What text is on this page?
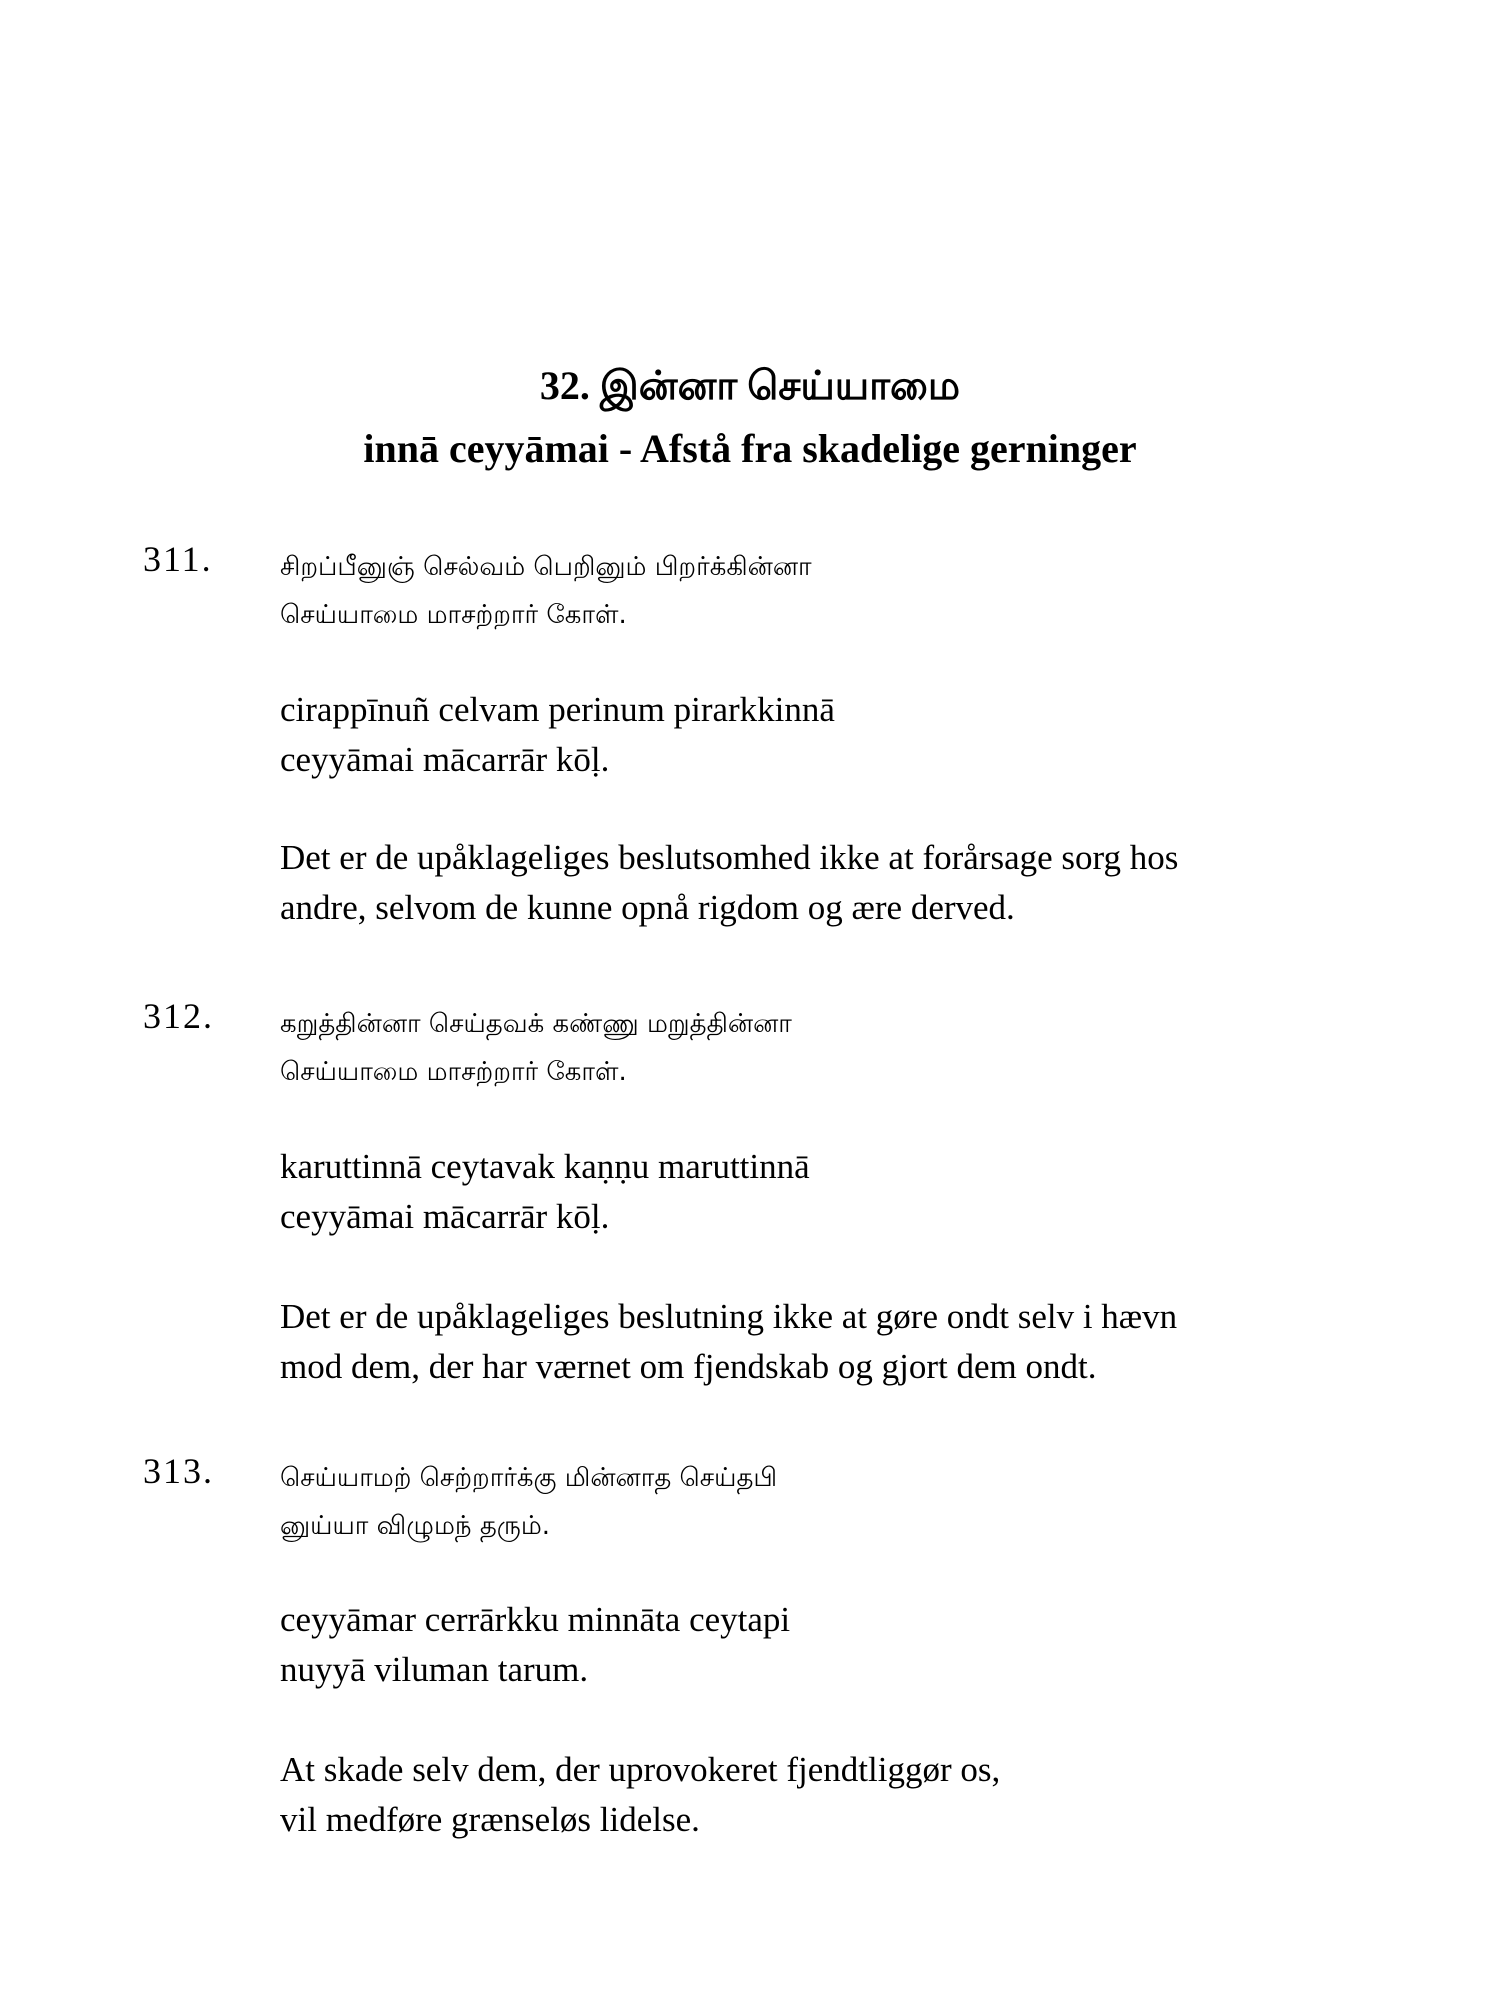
32. இன்னா செய்யாமை
innā ceyyāmai - Afstå fra skadelige gerninger
311.	சிறப்பீனுஞ் செல்வம் பெறினும் பிறர்க்கின்னா
செய்யாமை மாசற்றார் கோள்.
cirappīnuñ celvam perinum pirarkkinnā
ceyyāmai mācarrār kōḷ.
Det er de upåklageliges beslutsomhed ikke at forårsage sorg hos
andre, selvom de kunne opnå rigdom og ære derved.
312.	கறுத்தின்னா செய்தவக் கண்ணு மறுத்தின்னா
செய்யாமை மாசற்றார் கோள்.
karuttinnā ceytavak kaṇṇu maruttinnā
ceyyāmai mācarrār kōḷ.
Det er de upåklageliges beslutning ikke at gøre ondt selv i hævn
mod dem, der har værnet om fjendskab og gjort dem ondt.
313.	செய்யாமற் செற்றார்க்கு மின்னாத செய்தபி
னுய்யா விழுமந் தரும்.
ceyyāmar cerrārkku minnāta ceytapi
nuyyā viluman tarum.
At skade selv dem, der uprovokeret fjendtliggør os,
vil medføre grænseløs lidelse.
